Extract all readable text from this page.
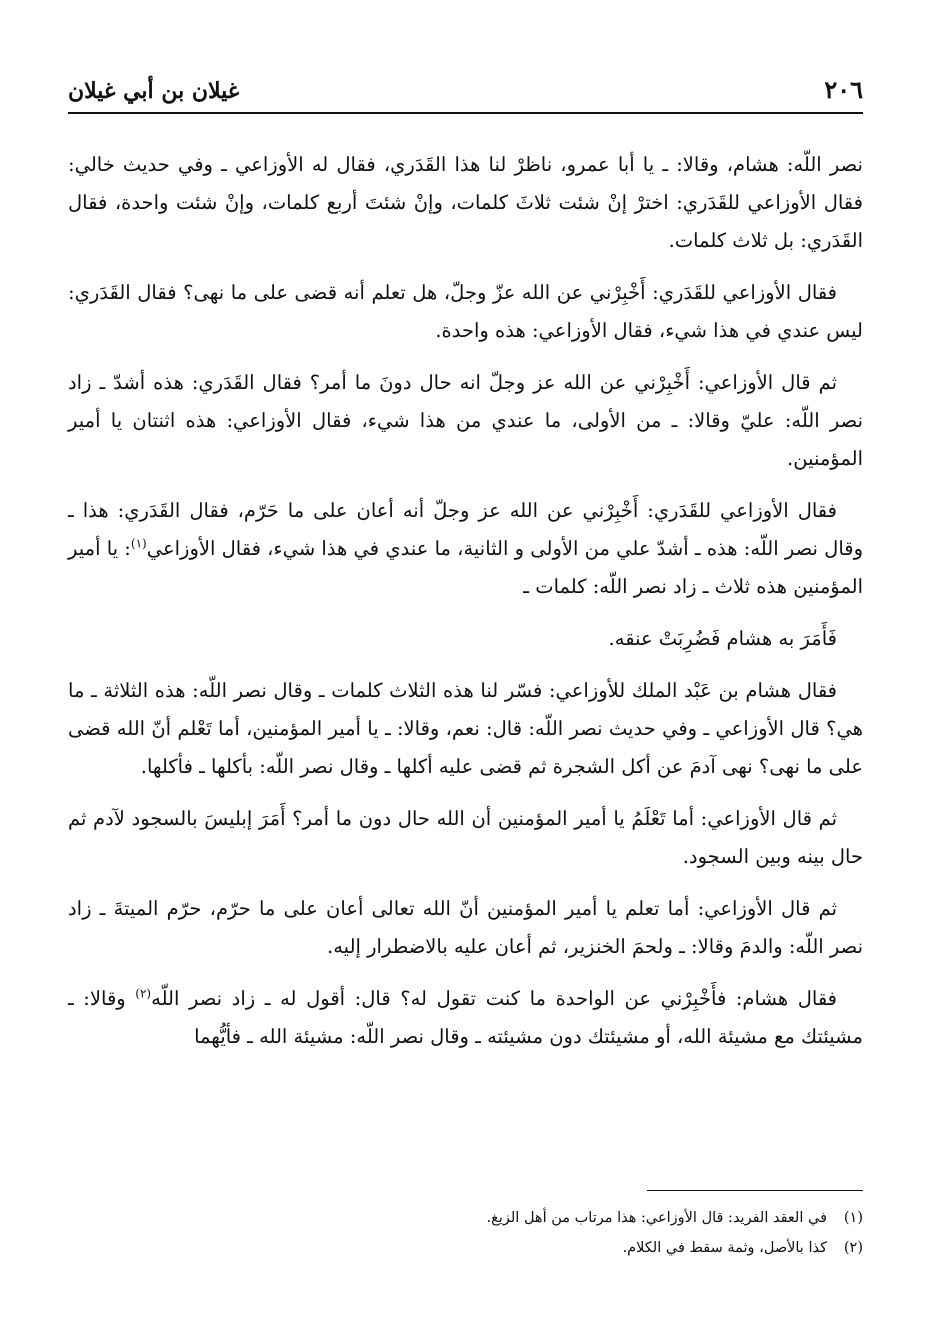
٢٠٦
غيلان بن أبي غيلان

نصر اللّه: هشام، وقالا: ـ يا أبا عمرو، ناظرْ لنا هذا القَدَري، فقال له الأوزاعي ـ وفي حديث خالي: فقال الأوزاعي للقَدَري: اخترْ إنْ شئت ثلاثَ كلمات، وإنْ شئتَ أربع كلمات، وإنْ شئت واحدة، فقال القَدَري: بل ثلاث كلمات.

فقال الأوزاعي للقَدَري: أَخْبِرْني عن الله عزّ وجلّ، هل تعلم أنه قضى على ما نهى؟ فقال القَدَري: ليس عندي في هذا شيء، فقال الأوزاعي: هذه واحدة.

ثم قال الأوزاعي: أَخْبِرْني عن الله عز وجلّ انه حال دونَ ما أمر؟ فقال القَدَري: هذه أشدّ ـ زاد نصر اللّه: عليّ وقالا: ـ من الأولى، ما عندي من هذا شيء، فقال الأوزاعي: هذه اثنتان يا أمير المؤمنين.

فقال الأوزاعي للقَدَري: أَخْبِرْني عن الله عز وجلّ أنه أعان على ما حَرّم، فقال القَدَري: هذا ـ وقال نصر اللّه: هذه ـ أشدّ علي من الأولى و الثانية، ما عندي في هذا شيء، فقال الأوزاعي$^{(١)}$: يا أمير المؤمنين هذه ثلاث ـ زاد نصر اللّه: كلمات ـ

فَأَمَرَ به هشام فَضُرِبَتْ عنقه.

فقال هشام بن عَبْد الملك للأوزاعي: فسّر لنا هذه الثلاث كلمات ـ وقال نصر اللّه: هذه الثلاثة ـ ما هي؟ قال الأوزاعي ـ وفي حديث نصر اللّه: قال: نعم، وقالا: ـ يا أمير المؤمنين، أما تَعْلم أنّ الله قضى على ما نهى؟ نهى آدمَ عن أكل الشجرة ثم قضى عليه أكلها ـ وقال نصر اللّه: بأكلها ـ فأكلها.

ثم قال الأوزاعي: أما تَعْلَمُ يا أمير المؤمنين أن الله حال دون ما أمر؟ أَمَرَ إبليسَ بالسجود لآدم ثم حال بينه وبين السجود.

ثم قال الأوزاعي: أما تعلم يا أمير المؤمنين أنّ الله تعالى أعان على ما حرّم، حرّم الميتةَ ـ زاد نصر اللّه: والدمَ وقالا: ـ ولحمَ الخنزير، ثم أعان عليه بالاضطرار إليه.

فقال هشام: فأَخْبِرْني عن الواحدة ما كنت تقول له؟ قال: أقول له ـ زاد نصر اللّه$^{(٢)}$ وقالا: ـ مشيئتك مع مشيئة الله، أو مشيئتك دون مشيئته ـ وقال نصر اللّه: مشيئة الله ـ فأيُّهما

(١)في العقد الفريد: قال الأوزاعي: هذا مرتاب من أهل الزيغ.

(٢)كذا بالأصل، وثمة سقط في الكلام.
